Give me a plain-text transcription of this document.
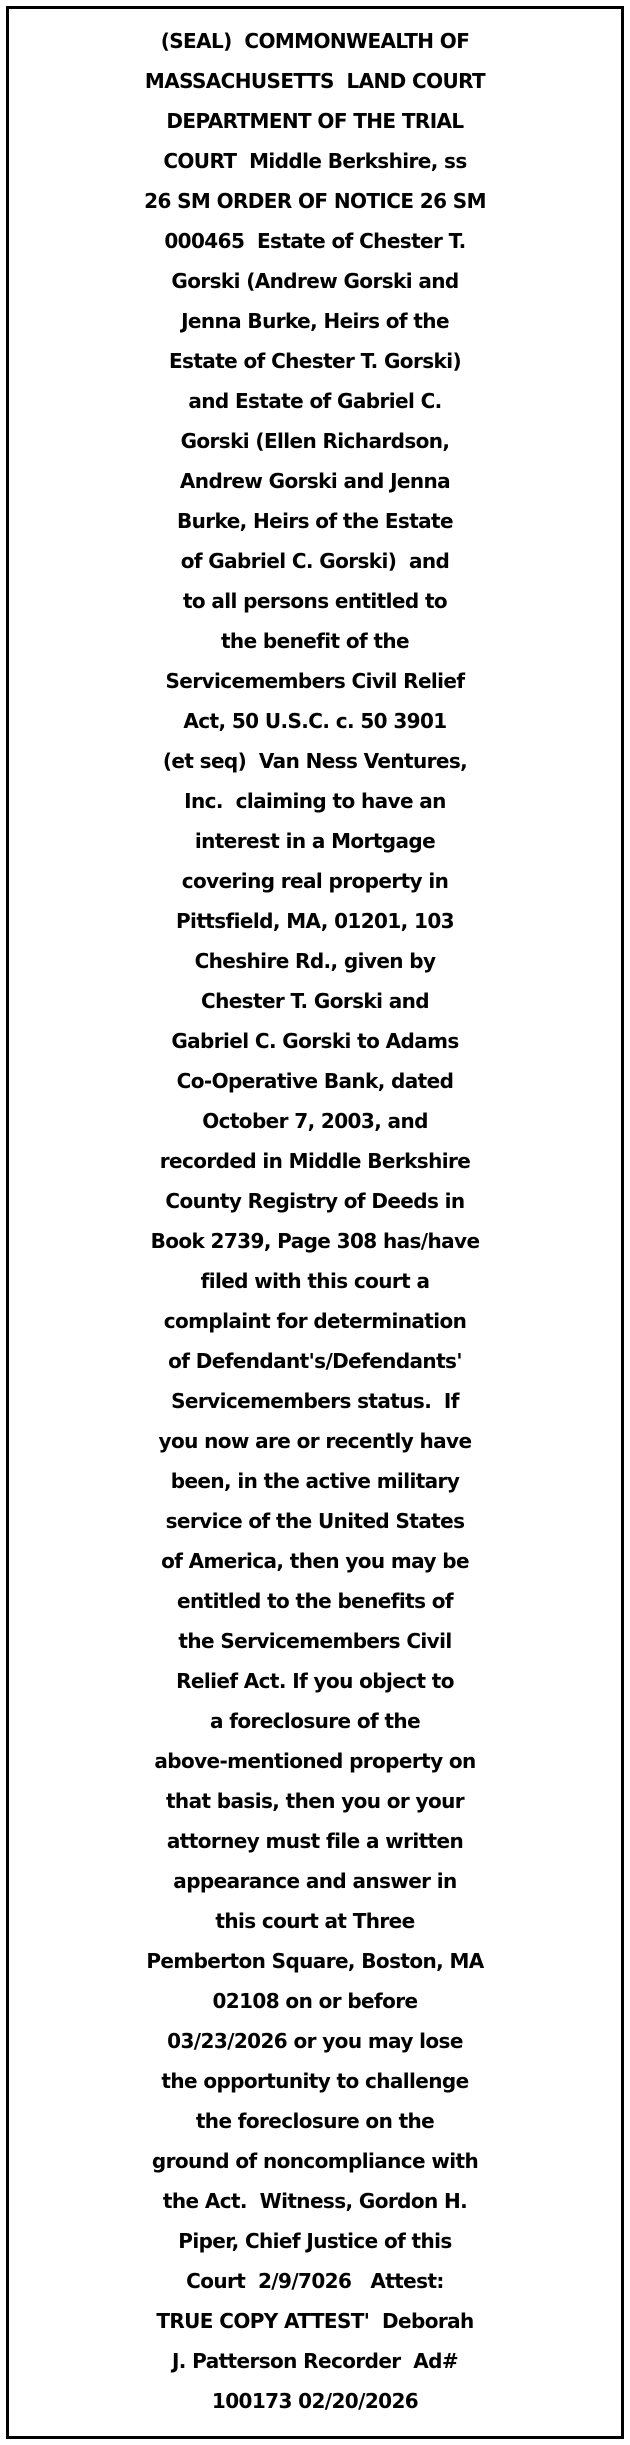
(SEAL)  COMMONWEALTH OF
MASSACHUSETTS  LAND COURT
DEPARTMENT OF THE TRIAL
COURT  Middle Berkshire, ss
26 SM ORDER OF NOTICE 26 SM
000465  Estate of Chester T.
Gorski (Andrew Gorski and
Jenna Burke, Heirs of the
Estate of Chester T. Gorski)
and Estate of Gabriel C.
Gorski (Ellen Richardson,
Andrew Gorski and Jenna
Burke, Heirs of the Estate
of Gabriel C. Gorski)  and
to all persons entitled to
the benefit of the
Servicemembers Civil Relief
Act, 50 U.S.C. c. 50 3901
(et seq)  Van Ness Ventures,
Inc.  claiming to have an
interest in a Mortgage
covering real property in
Pittsfield, MA, 01201, 103
Cheshire Rd., given by
Chester T. Gorski and
Gabriel C. Gorski to Adams
Co-Operative Bank, dated
October 7, 2003, and
recorded in Middle Berkshire
County Registry of Deeds in
Book 2739, Page 308 has/have
filed with this court a
complaint for determination
of Defendant's/Defendants'
Servicemembers status.  If
you now are or recently have
been, in the active military
service of the United States
of America, then you may be
entitled to the benefits of
the Servicemembers Civil
Relief Act. If you object to
a foreclosure of the
above-mentioned property on
that basis, then you or your
attorney must file a written
appearance and answer in
this court at Three
Pemberton Square, Boston, MA
02108 on or before
03/23/2026 or you may lose
the opportunity to challenge
the foreclosure on the
ground of noncompliance with
the Act.  Witness, Gordon H.
Piper, Chief Justice of this
Court  2/9/7026   Attest:
TRUE COPY ATTEST'  Deborah
J. Patterson Recorder  Ad#
100173 02/20/2026
